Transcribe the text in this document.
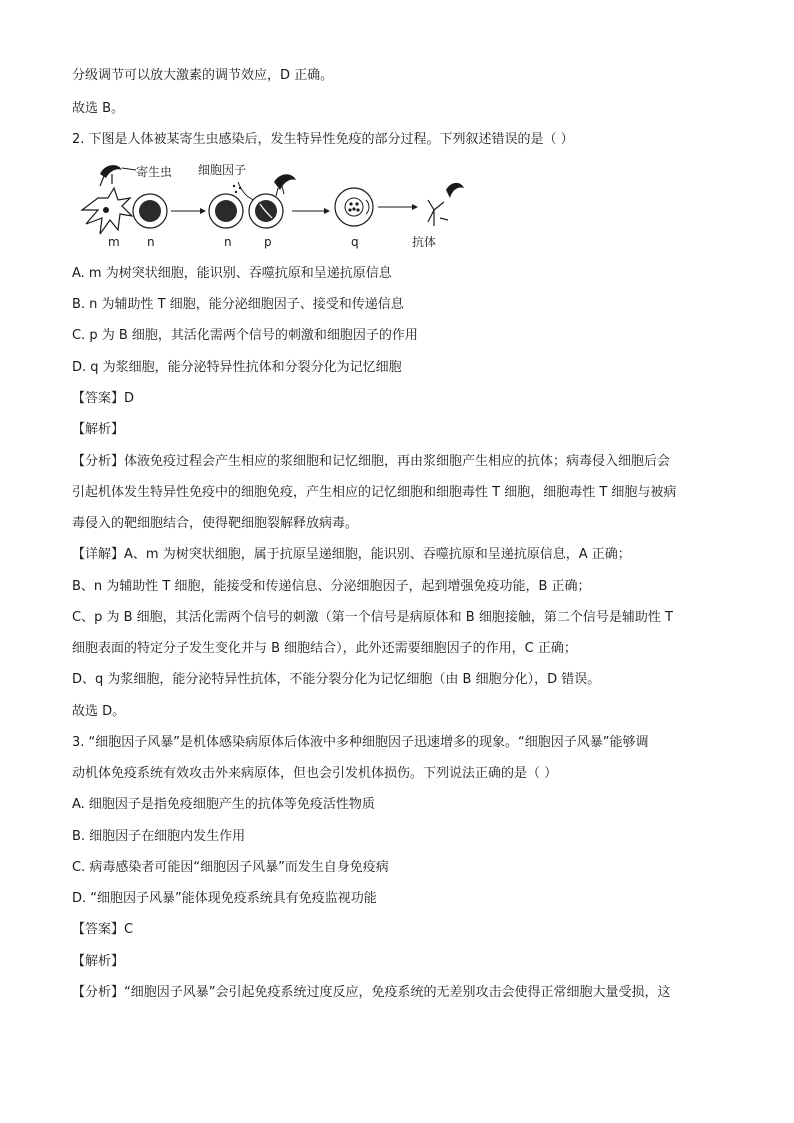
分级调节可以放大激素的调节效应，D 正确。
故选 B。
2. 下图是人体被某寄生虫感染后，发生特异性免疫的部分过程。下列叙述错误的是（ ）
寄生虫 细胞因子
m n	n	p	q	抗体
A. m 为树突状细胞，能识别、吞噬抗原和呈递抗原信息
B. n 为辅助性 T 细胞，能分泌细胞因子、接受和传递信息
C. p 为 B 细胞，其活化需两个信号的刺激和细胞因子的作用
D. q 为浆细胞，能分泌特异性抗体和分裂分化为记忆细胞
【答案】D
【解析】
【分析】体液免疫过程会产生相应的浆细胞和记忆细胞，再由浆细胞产生相应的抗体；病毒侵入细胞后会
引起机体发生特异性免疫中的细胞免疫，产生相应的记忆细胞和细胞毒性 T 细胞，细胞毒性 T 细胞与被病
毒侵入的靶细胞结合，使得靶细胞裂解释放病毒。
【详解】A、m 为树突状细胞，属于抗原呈递细胞，能识别、吞噬抗原和呈递抗原信息，A 正确；
B、n 为辅助性 T 细胞，能接受和传递信息、分泌细胞因子，起到增强免疫功能，B 正确；
C、p 为 B 细胞，其活化需两个信号的刺激（第一个信号是病原体和 B 细胞接触，第二个信号是辅助性 T
细胞表面的特定分子发生变化并与 B 细胞结合），此外还需要细胞因子的作用，C 正确；
D、q 为浆细胞，能分泌特异性抗体，不能分裂分化为记忆细胞（由 B 细胞分化），D 错误。
故选 D。
3. “细胞因子风暴”是机体感染病原体后体液中多种细胞因子迅速增多的现象。“细胞因子风暴”能够调
动机体免疫系统有效攻击外来病原体，但也会引发机体损伤。下列说法正确的是（ ）
A. 细胞因子是指免疫细胞产生的抗体等免疫活性物质
B. 细胞因子在细胞内发生作用
C. 病毒感染者可能因“细胞因子风暴”而发生自身免疫病
D. “细胞因子风暴”能体现免疫系统具有免疫监视功能
【答案】C
【解析】
【分析】“细胞因子风暴”会引起免疫系统过度反应，免疫系统的无差别攻击会使得正常细胞大量受损，这
